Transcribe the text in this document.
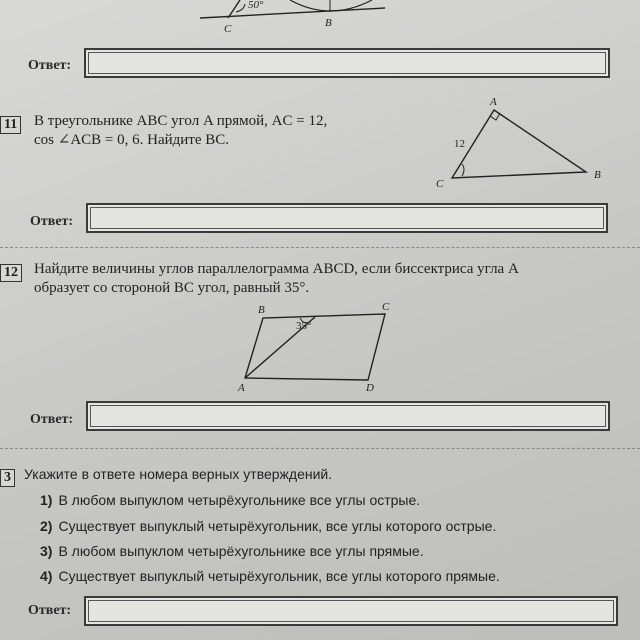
50°
C	B
A
B
C
12
B	C
A	D
35°
Ответ:
11 В треугольнике ABC угол A прямой, AC = 12,
cos ∠ACB = 0, 6. Найдите BC.
Ответ:
12 Найдите величины углов параллелограмма ABCD, если биссектриса угла A
образует со стороной BC угол, равный 35°.
Ответ:
3 Укажите в ответе номера верных утверждений.
1) В любом выпуклом четырёхугольнике все углы острые.
2) Существует выпуклый четырёхугольник, все углы которого острые.
3) В любом выпуклом четырёхугольнике все углы прямые.
4) Существует выпуклый четырёхугольник, все углы которого прямые.
Ответ:
